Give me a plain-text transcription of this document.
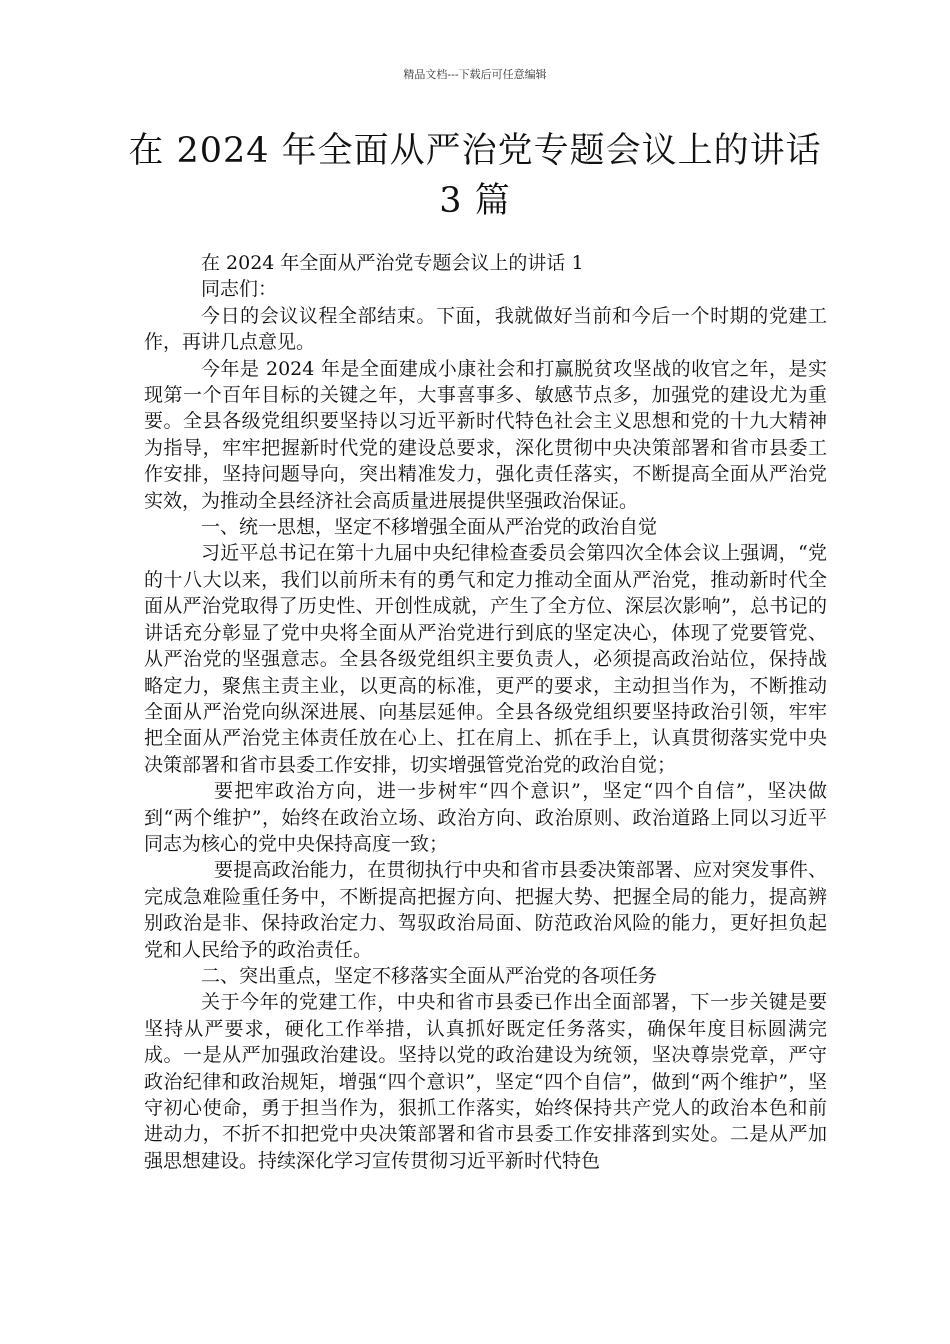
精品文档---下载后可任意编辑
在 2024 年全面从严治党专题会议上的讲话
3 篇

在 2024 年全面从严治党专题会议上的讲话 1

同志们：

今日的会议议程全部结束。下面，我就做好当前和今后一个时期的党建工作，再讲几点意见。

今年是 2024 年是全面建成小康社会和打赢脱贫攻坚战的收官之年，是实现第一个百年目标的关键之年，大事喜事多、敏感节点多，加强党的建设尤为重要。全县各级党组织要坚持以习近平新时代特色社会主义思想和党的十九大精神为指导，牢牢把握新时代党的建设总要求，深化贯彻中央决策部署和省市县委工作安排，坚持问题导向，突出精准发力，强化责任落实，不断提高全面从严治党实效，为推动全县经济社会高质量进展提供坚强政治保证。

一、统一思想，坚定不移增强全面从严治党的政治自觉

习近平总书记在第十九届中央纪律检查委员会第四次全体会议上强调，“党的十八大以来，我们以前所未有的勇气和定力推动全面从严治党，推动新时代全面从严治党取得了历史性、开创性成就，产生了全方位、深层次影响”，总书记的讲话充分彰显了党中央将全面从严治党进行到底的坚定决心，体现了党要管党、从严治党的坚强意志。全县各级党组织主要负责人，必须提高政治站位，保持战略定力，聚焦主责主业，以更高的标准，更严的要求，主动担当作为，不断推动全面从严治党向纵深进展、向基层延伸。全县各级党组织要坚持政治引领，牢牢把全面从严治党主体责任放在心上、扛在肩上、抓在手上，认真贯彻落实党中央决策部署和省市县委工作安排，切实增强管党治党的政治自觉；

要把牢政治方向，进一步树牢“四个意识”，坚定“四个自信”，坚决做到“两个维护”，始终在政治立场、政治方向、政治原则、政治道路上同以习近平同志为核心的党中央保持高度一致；

要提高政治能力，在贯彻执行中央和省市县委决策部署、应对突发事件、完成急难险重任务中，不断提高把握方向、把握大势、把握全局的能力，提高辨别政治是非、保持政治定力、驾驭政治局面、防范政治风险的能力，更好担负起党和人民给予的政治责任。

二、突出重点，坚定不移落实全面从严治党的各项任务

关于今年的党建工作，中央和省市县委已作出全面部署，下一步关键是要坚持从严要求，硬化工作举措，认真抓好既定任务落实，确保年度目标圆满完成。一是从严加强政治建设。坚持以党的政治建设为统领，坚决尊崇党章，严守政治纪律和政治规矩，增强“四个意识”，坚定“四个自信”，做到“两个维护”，坚守初心使命，勇于担当作为，狠抓工作落实，始终保持共产党人的政治本色和前进动力，不折不扣把党中央决策部署和省市县委工作安排落到实处。二是从严加强思想建设。持续深化学习宣传贯彻习近平新时代特色
